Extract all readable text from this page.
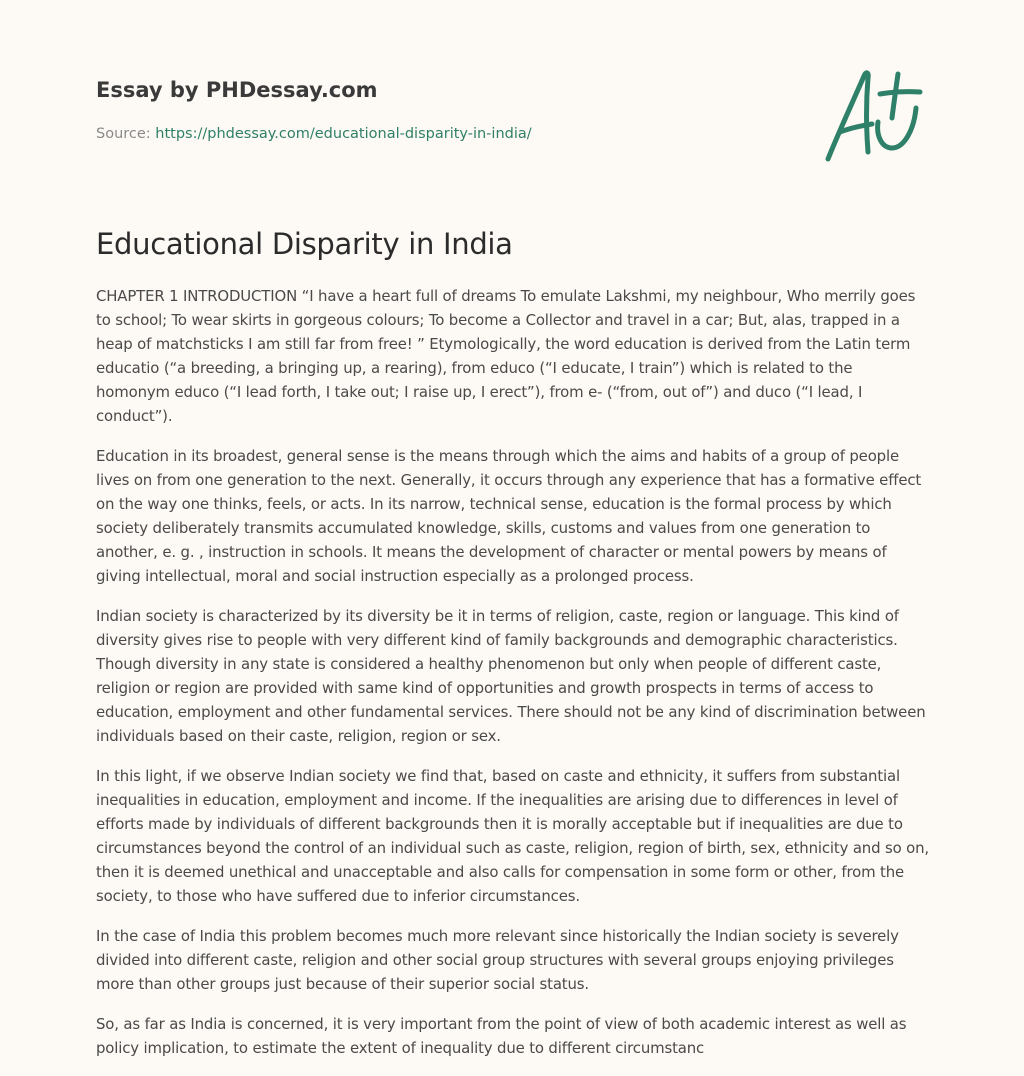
Essay by PHDessay.com
Source: https://phdessay.com/educational-disparity-in-india/
Educational Disparity in India

CHAPTER 1 INTRODUCTION “I have a heart full of dreams To emulate Lakshmi, my neighbour, Who merrily goes to school; To wear skirts in gorgeous colours; To become a Collector and travel in a car; But, alas, trapped in a heap of matchsticks I am still far from free! ” Etymologically, the word education is derived from the Latin term educatio (“a breeding, a bringing up, a rearing), from educo (“I educate, I train”) which is related to the homonym educo (“I lead forth, I take out; I raise up, I erect”), from e- (“from, out of”) and duco (“I lead, I conduct”).

Education in its broadest, general sense is the means through which the aims and habits of a group of people lives on from one generation to the next. Generally, it occurs through any experience that has a formative effect on the way one thinks, feels, or acts. In its narrow, technical sense, education is the formal process by which society deliberately transmits accumulated knowledge, skills, customs and values from one generation to another, e. g. , instruction in schools. It means the development of character or mental powers by means of giving intellectual, moral and social instruction especially as a prolonged process.

Indian society is characterized by its diversity be it in terms of religion, caste, region or language. This kind of diversity gives rise to people with very different kind of family backgrounds and demographic characteristics. Though diversity in any state is considered a healthy phenomenon but only when people of different caste, religion or region are provided with same kind of opportunities and growth prospects in terms of access to education, employment and other fundamental services. There should not be any kind of discrimination between individuals based on their caste, religion, region or sex.

In this light, if we observe Indian society we find that, based on caste and ethnicity, it suffers from substantial inequalities in education, employment and income. If the inequalities are arising due to differences in level of efforts made by individuals of different backgrounds then it is morally acceptable but if inequalities are due to circumstances beyond the control of an individual such as caste, religion, region of birth, sex, ethnicity and so on, then it is deemed unethical and unacceptable and also calls for compensation in some form or other, from the society, to those who have suffered due to inferior circumstances.

In the case of India this problem becomes much more relevant since historically the Indian society is severely divided into different caste, religion and other social group structures with several groups enjoying privileges more than other groups just because of their superior social status.

So, as far as India is concerned, it is very important from the point of view of both academic interest as well as policy implication, to estimate the extent of inequality due to different circumstanc
